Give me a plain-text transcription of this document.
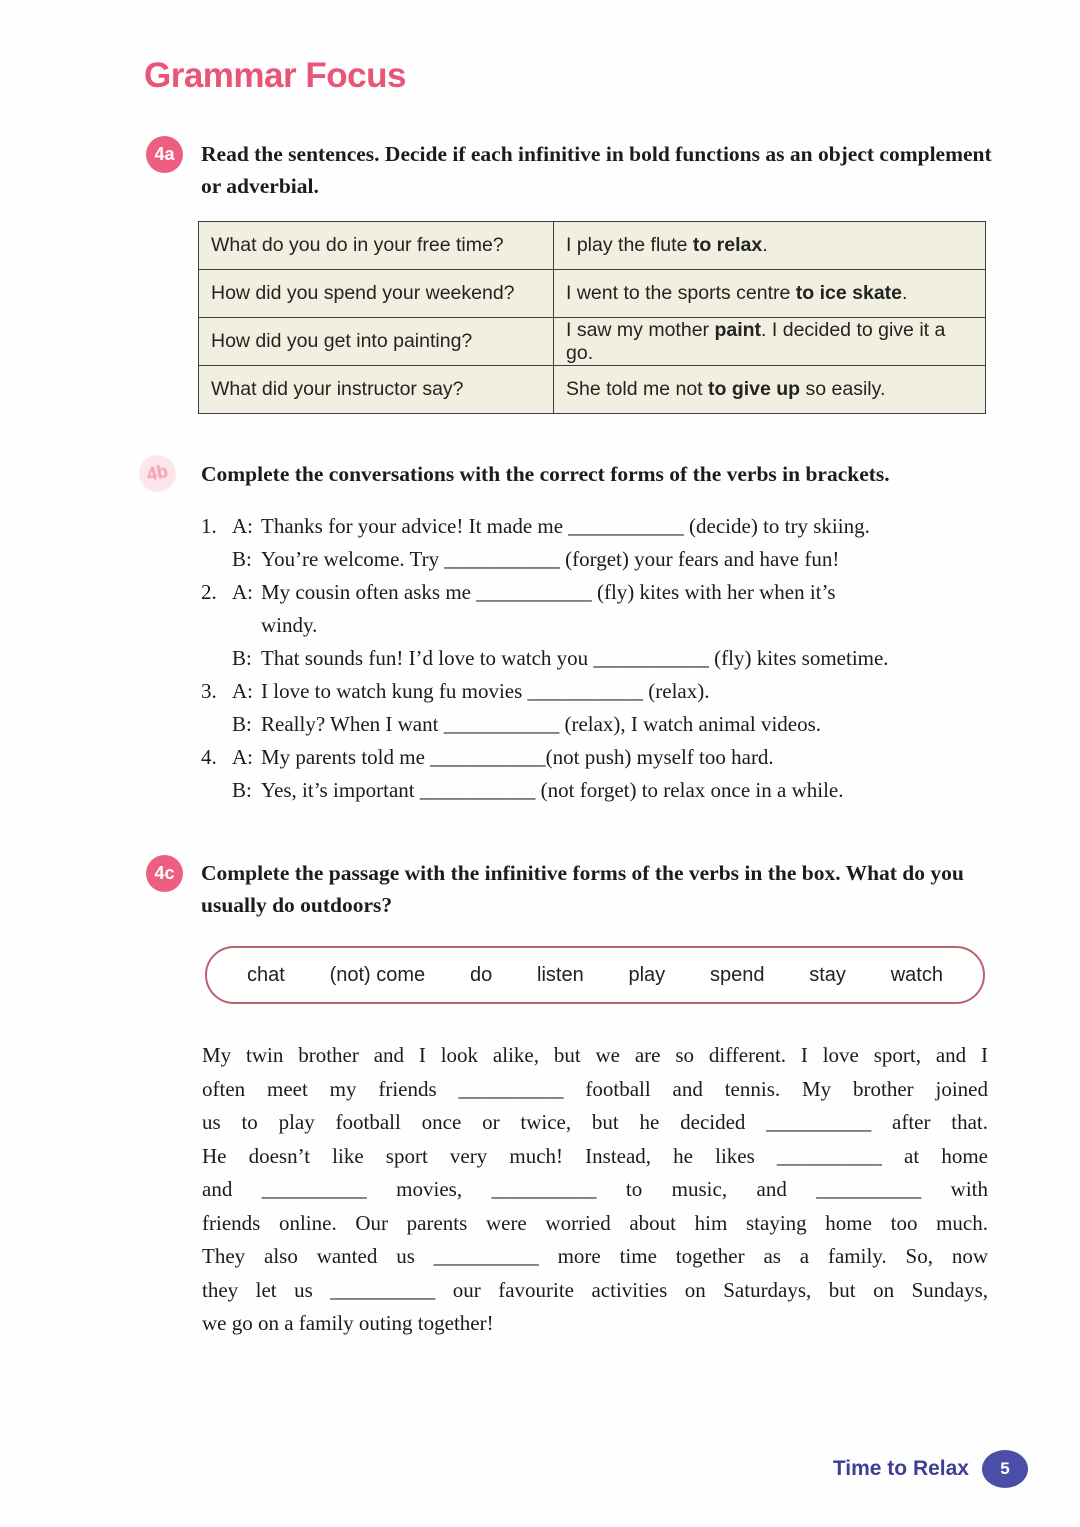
Grammar Focus
4a	Read the sentences. Decide if each infinitive in bold functions as an object complement or adverbial.

What do you do in your free time?	I play the flute to relax.
How did you spend your weekend?	I went to the sports centre to ice skate.
How did you get into painting?	I saw my mother paint. I decided to give it a go.
What did your instructor say?	She told me not to give up so easily.
4b	Complete the conversations with the correct forms of the verbs in brackets.

1. A: Thanks for your advice! It made me ___________ (decide) to try skiing.
B: You’re welcome. Try ___________ (forget) your fears and have fun!
2. A: My cousin often asks me ___________ (fly) kites with her when it’s
windy.
B: That sounds fun! I’d love to watch you ___________ (fly) kites sometime.
3. A: I love to watch kung fu movies ___________ (relax).
B: Really? When I want ___________ (relax), I watch animal videos.
4. A: My parents told me ___________(not push) myself too hard.
B: Yes, it’s important ___________ (not forget) to relax once in a while.
4c	Complete the passage with the infinitive forms of the verbs in the box. What do you usually do outdoors?

chat (not) come do listen play spend stay watch
My twin brother and I look alike, but we are so different. I love sport, and I
often meet my friends __________ football and tennis. My brother joined
us to play football once or twice, but he decided __________ after that.
He doesn’t like sport very much! Instead, he likes __________ at home
and __________ movies, __________ to music, and __________ with
friends online. Our parents were worried about him staying home too much.
They also wanted us __________ more time together as a family. So, now
they let us __________ our favourite activities on Saturdays, but on Sundays,
we go on a family outing together!
Time to Relax	5
